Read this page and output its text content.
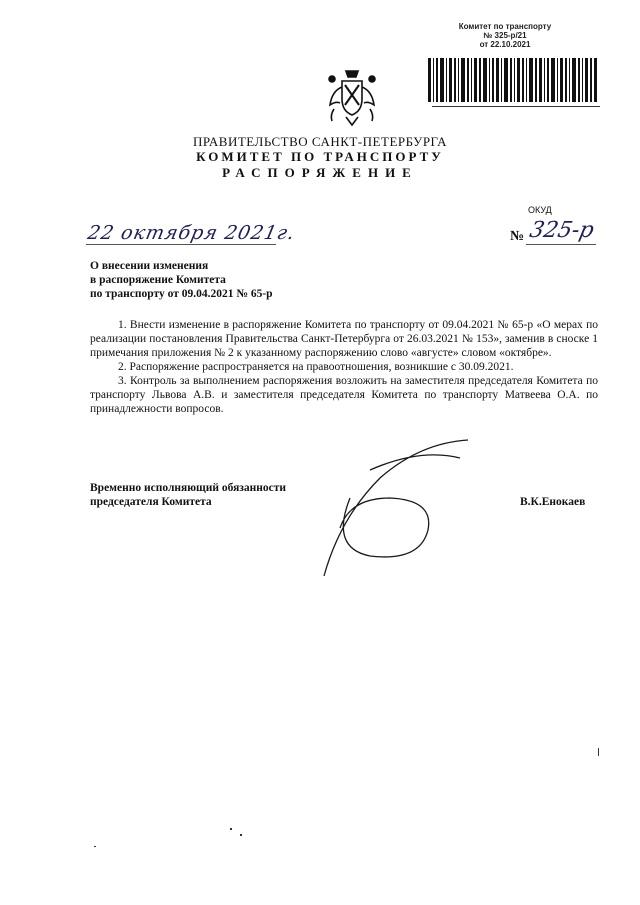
Комитет по транспорту
№ 325-р/21
от 22.10.2021
ПРАВИТЕЛЬСТВО САНКТ-ПЕТЕРБУРГА
КОМИТЕТ ПО ТРАНСПОРТУ
РАСПОРЯЖЕНИЕ
ОКУД
22 октября 2021г.	№ 325-р
О внесении изменения
в распоряжение Комитета
по транспорту от 09.04.2021 № 65-р

1. Внести изменение в распоряжение Комитета по транспорту от 09.04.2021 № 65-р «О мерах по реализации постановления Правительства Санкт-Петербурга от 26.03.2021 № 153», заменив в сноске 1 примечания приложения № 2 к указанному распоряжению слово «августе» словом «октябре».

2. Распоряжение распространяется на правоотношения, возникшие с 30.09.2021.

3. Контроль за выполнением распоряжения возложить на заместителя председателя Комитета по транспорту Львова А.В. и заместителя председателя Комитета по транспорту Матвеева О.А. по принадлежности вопросов.

Временно исполняющий обязанности
председателя Комитета	В.К.Енокаев
